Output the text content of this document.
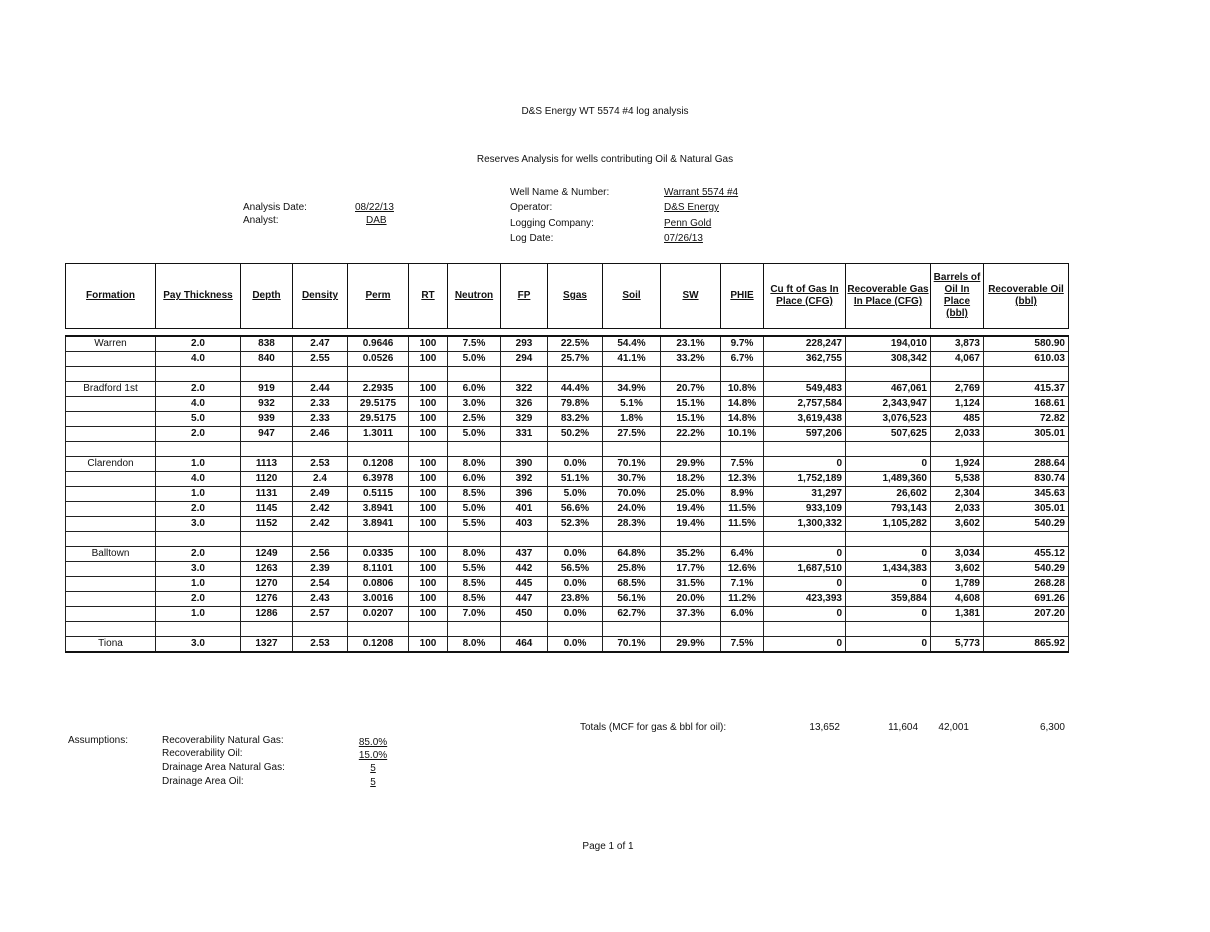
D&S Energy WT 5574 #4 log analysis
Reserves Analysis for wells contributing Oil & Natural Gas
Analysis Date:	08/22/13
Analyst:	DAB
Well Name & Number:	Warrant 5574 #4
Operator:	D&S Energy
Logging Company:	Penn Gold
Log Date:	07/26/13
Formation	Pay Thickness	Depth	Density	Perm	RT	Neutron	FP	Sgas	Soil	SW	PHIE	Cu ft of Gas In Place (CFG)	Recoverable Gas In Place (CFG)	Barrels of Oil In Place (bbl)	Recoverable Oil (bbl)

Warren	2.0	838	2.47	0.9646	100	7.5%	293	22.5%	54.4%	23.1%	9.7%	228,247	194,010	3,873	580.90
	4.0	840	2.55	0.0526	100	5.0%	294	25.7%	41.1%	33.2%	6.7%	362,755	308,342	4,067	610.03

Bradford 1st	2.0	919	2.44	2.2935	100	6.0%	322	44.4%	34.9%	20.7%	10.8%	549,483	467,061	2,769	415.37
	4.0	932	2.33	29.5175	100	3.0%	326	79.8%	5.1%	15.1%	14.8%	2,757,584	2,343,947	1,124	168.61
	5.0	939	2.33	29.5175	100	2.5%	329	83.2%	1.8%	15.1%	14.8%	3,619,438	3,076,523	485	72.82
	2.0	947	2.46	1.3011	100	5.0%	331	50.2%	27.5%	22.2%	10.1%	597,206	507,625	2,033	305.01

Clarendon	1.0	1113	2.53	0.1208	100	8.0%	390	0.0%	70.1%	29.9%	7.5%	0	0	1,924	288.64
	4.0	1120	2.4	6.3978	100	6.0%	392	51.1%	30.7%	18.2%	12.3%	1,752,189	1,489,360	5,538	830.74
	1.0	1131	2.49	0.5115	100	8.5%	396	5.0%	70.0%	25.0%	8.9%	31,297	26,602	2,304	345.63
	2.0	1145	2.42	3.8941	100	5.0%	401	56.6%	24.0%	19.4%	11.5%	933,109	793,143	2,033	305.01
	3.0	1152	2.42	3.8941	100	5.5%	403	52.3%	28.3%	19.4%	11.5%	1,300,332	1,105,282	3,602	540.29

Balltown	2.0	1249	2.56	0.0335	100	8.0%	437	0.0%	64.8%	35.2%	6.4%	0	0	3,034	455.12
	3.0	1263	2.39	8.1101	100	5.5%	442	56.5%	25.8%	17.7%	12.6%	1,687,510	1,434,383	3,602	540.29
	1.0	1270	2.54	0.0806	100	8.5%	445	0.0%	68.5%	31.5%	7.1%	0	0	1,789	268.28
	2.0	1276	2.43	3.0016	100	8.5%	447	23.8%	56.1%	20.0%	11.2%	423,393	359,884	4,608	691.26
	1.0	1286	2.57	0.0207	100	7.0%	450	0.0%	62.7%	37.3%	6.0%	0	0	1,381	207.20

Tiona	3.0	1327	2.53	0.1208	100	8.0%	464	0.0%	70.1%	29.9%	7.5%	0	0	5,773	865.92
Totals (MCF for gas & bbl for oil):	13,652	11,604	42,001	6,300
Assumptions:	Recoverability Natural Gas:	85.0%
Recoverability Oil:	15.0%
Drainage Area Natural Gas:	5
Drainage Area Oil:	5
Page 1 of 1
